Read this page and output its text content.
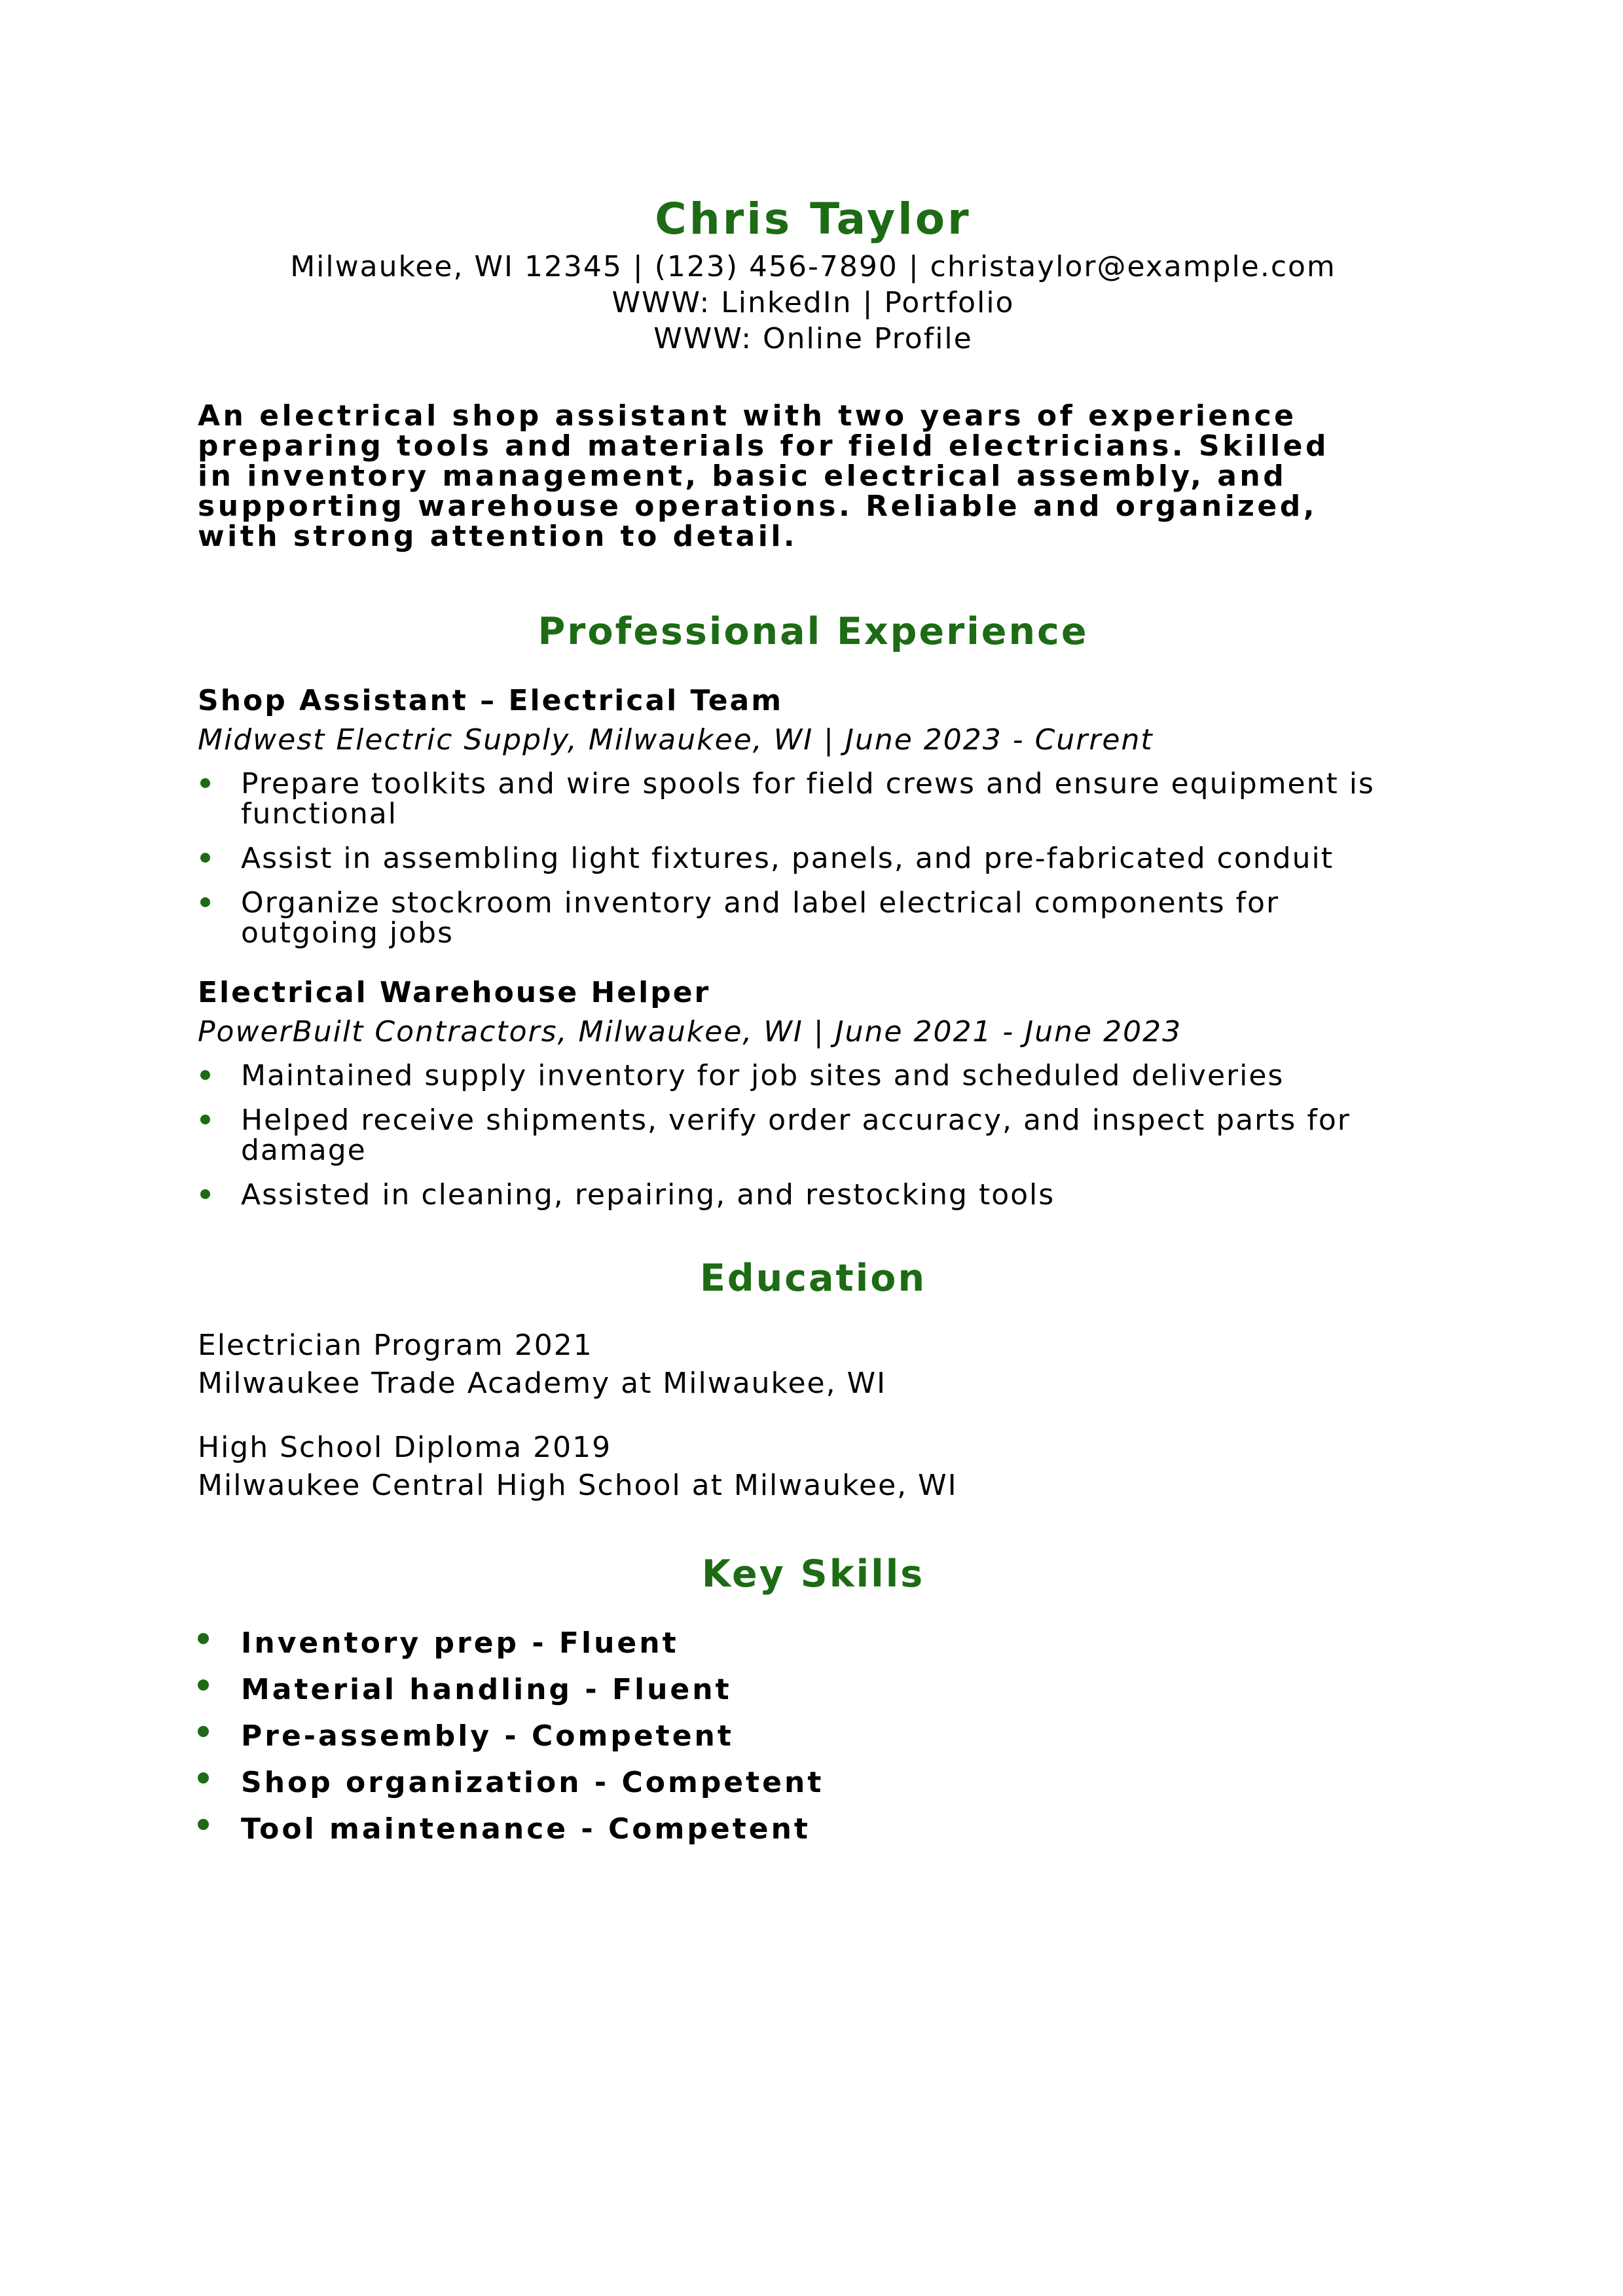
Chris Taylor

Milwaukee, WI 12345 | (123) 456-7890 | christaylor@example.com

WWW: LinkedIn | Portfolio

WWW: Online Profile

An electrical shop assistant with two years of experience preparing tools and materials for field electricians. Skilled in inventory management, basic electrical assembly, and supporting warehouse operations. Reliable and organized, with strong attention to detail.
Professional Experience
Shop Assistant – Electrical Team
Midwest Electric Supply, Milwaukee, WI | June 2023 - Current
Prepare toolkits and wire spools for field crews and ensure equipment is functional
Assist in assembling light fixtures, panels, and pre-fabricated conduit
Organize stockroom inventory and label electrical components for outgoing jobs
Electrical Warehouse Helper
PowerBuilt Contractors, Milwaukee, WI | June 2021 - June 2023
Maintained supply inventory for job sites and scheduled deliveries
Helped receive shipments, verify order accuracy, and inspect parts for damage
Assisted in cleaning, repairing, and restocking tools
Education
Electrician Program 2021
Milwaukee Trade Academy at Milwaukee, WI
High School Diploma 2019
Milwaukee Central High School at Milwaukee, WI
Key Skills
Inventory prep - Fluent
Material handling - Fluent
Pre-assembly - Competent
Shop organization - Competent
Tool maintenance - Competent
